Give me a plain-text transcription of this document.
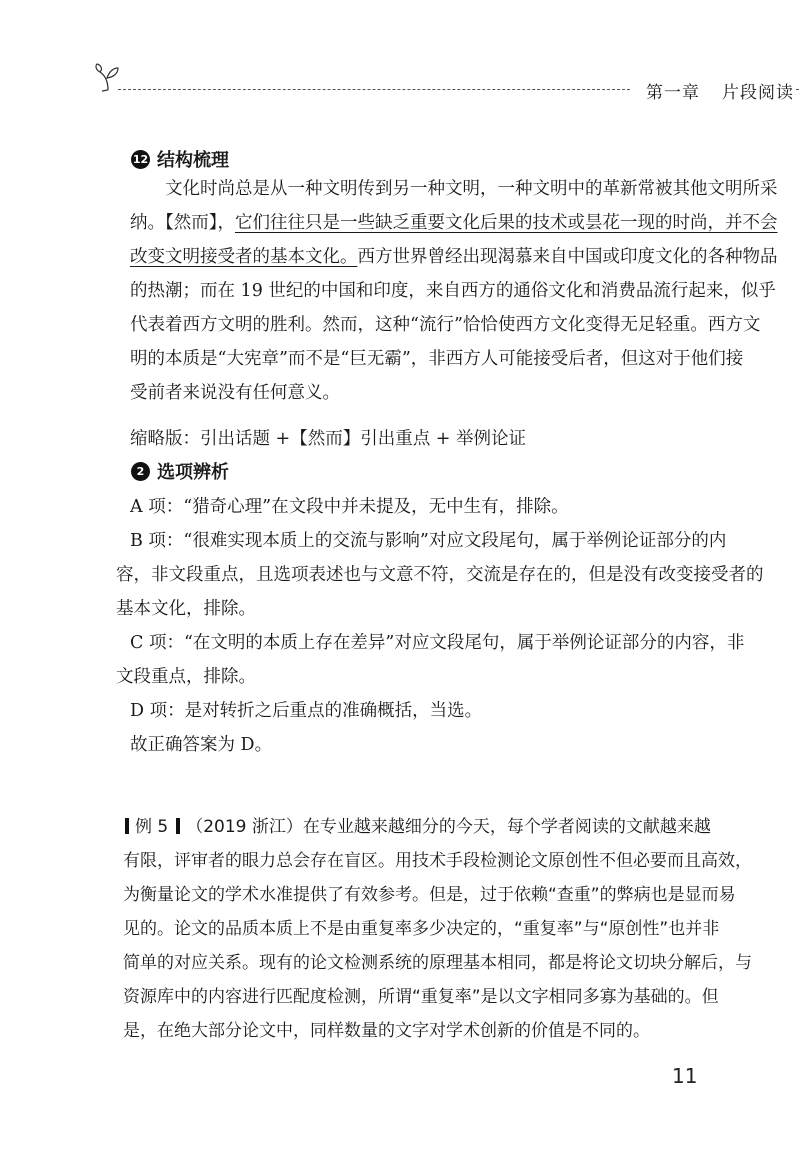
第一章 片段阅读
12 结构梳理
文化时尚总是从一种文明传到另一种文明，一种文明中的革新常被其他文明所采
纳。【然而】，它们往往只是一些缺乏重要文化后果的技术或昙花一现的时尚，并不会
改变文明接受者的基本文化。西方世界曾经出现渴慕来自中国或印度文化的各种物品
的热潮；而在 19 世纪的中国和印度，来自西方的通俗文化和消费品流行起来，似乎
代表着西方文明的胜利。然而，这种“流行”恰恰使西方文化变得无足轻重。西方文
明的本质是“大宪章”而不是“巨无霸”，非西方人可能接受后者，但这对于他们接
受前者来说没有任何意义。
缩略版：引出话题 +【然而】引出重点 + 举例论证
2 选项辨析
A 项：“猎奇心理”在文段中并未提及，无中生有，排除。
B 项：“很难实现本质上的交流与影响”对应文段尾句，属于举例论证部分的内
容，非文段重点，且选项表述也与文意不符，交流是存在的，但是没有改变接受者的
基本文化，排除。
C 项：“在文明的本质上存在差异”对应文段尾句，属于举例论证部分的内容，非
文段重点，排除。
D 项：是对转折之后重点的准确概括，当选。
故正确答案为 D。
例 5 （2019 浙江）在专业越来越细分的今天，每个学者阅读的文献越来越
有限，评审者的眼力总会存在盲区。用技术手段检测论文原创性不但必要而且高效，
为衡量论文的学术水准提供了有效参考。但是，过于依赖“查重”的弊病也是显而易
见的。论文的品质本质上不是由重复率多少决定的，“重复率”与“原创性”也并非
简单的对应关系。现有的论文检测系统的原理基本相同，都是将论文切块分解后，与
资源库中的内容进行匹配度检测，所谓“重复率”是以文字相同多寡为基础的。但
是，在绝大部分论文中，同样数量的文字对学术创新的价值是不同的。
11
